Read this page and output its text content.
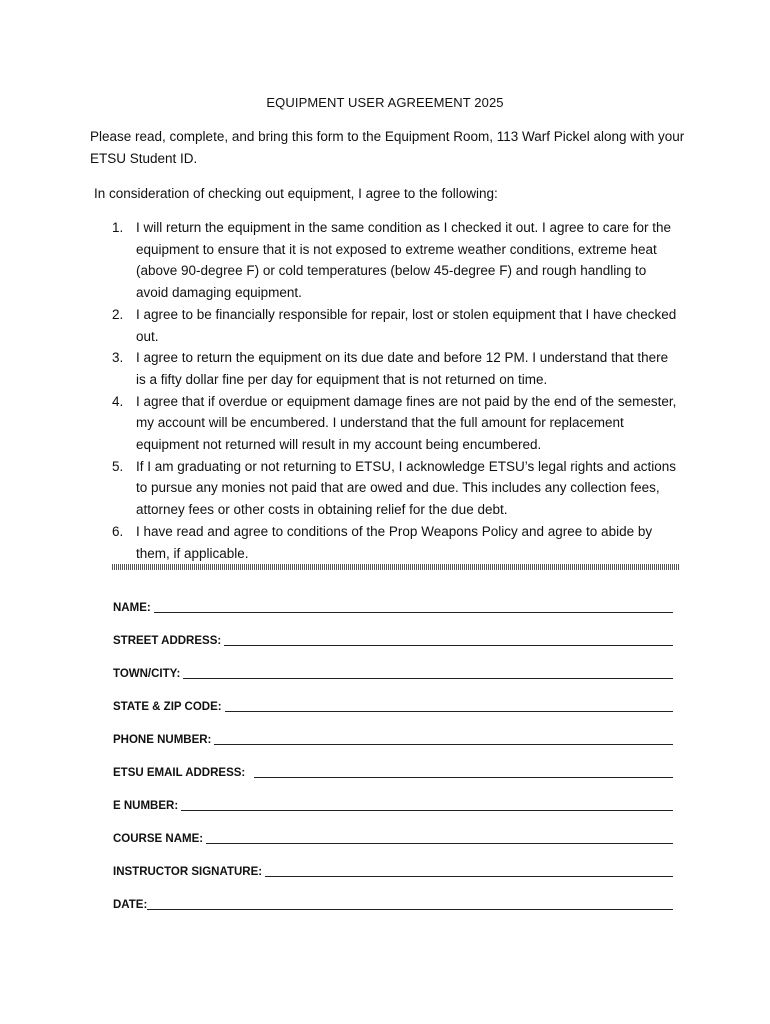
EQUIPMENT USER AGREEMENT 2025
Please read, complete, and bring this form to the Equipment Room, 113 Warf Pickel along with your ETSU Student ID.
In consideration of checking out equipment, I agree to the following:
1. I will return the equipment in the same condition as I checked it out. I agree to care for the equipment to ensure that it is not exposed to extreme weather conditions, extreme heat (above 90-degree F) or cold temperatures (below 45-degree F) and rough handling to avoid damaging equipment.
2. I agree to be financially responsible for repair, lost or stolen equipment that I have checked out.
3. I agree to return the equipment on its due date and before 12 PM. I understand that there is a fifty dollar fine per day for equipment that is not returned on time.
4. I agree that if overdue or equipment damage fines are not paid by the end of the semester, my account will be encumbered. I understand that the full amount for replacement equipment not returned will result in my account being encumbered.
5. If I am graduating or not returning to ETSU, I acknowledge ETSU’s legal rights and actions to pursue any monies not paid that are owed and due. This includes any collection fees, attorney fees or other costs in obtaining relief for the due debt.
6. I have read and agree to conditions of the Prop Weapons Policy and agree to abide by them, if applicable.
NAME:
STREET ADDRESS:
TOWN/CITY:
STATE & ZIP CODE:
PHONE NUMBER:
ETSU EMAIL ADDRESS:
E NUMBER:
COURSE NAME:
INSTRUCTOR SIGNATURE:
DATE:
